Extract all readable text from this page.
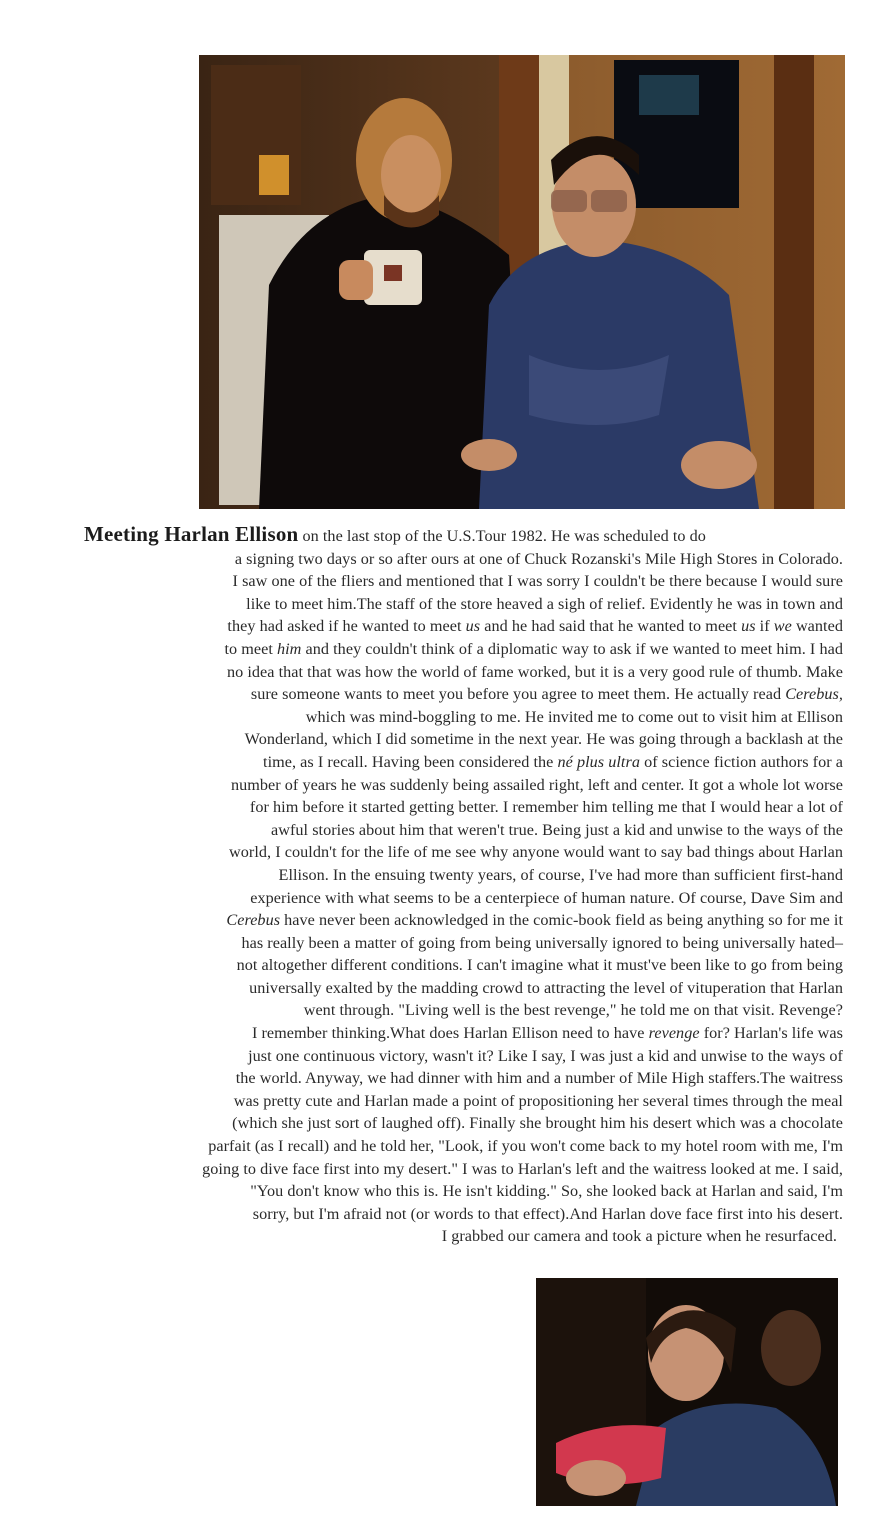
Meeting Harlan Ellison on the last stop of the U.S.Tour 1982. He was scheduled to do
a signing two days or so after ours at one of Chuck Rozanski's Mile High Stores in Colorado.
I saw one of the fliers and mentioned that I was sorry I couldn't be there because I would sure
like to meet him.The staff of the store heaved a sigh of relief. Evidently he was in town and
they had asked if he wanted to meet us and he had said that he wanted to meet us if we wanted
to meet him and they couldn't think of a diplomatic way to ask if we wanted to meet him. I had
no idea that that was how the world of fame worked, but it is a very good rule of thumb. Make
sure someone wants to meet you before you agree to meet them. He actually read Cerebus,
which was mind-boggling to me. He invited me to come out to visit him at Ellison
Wonderland, which I did sometime in the next year. He was going through a backlash at the
time, as I recall. Having been considered the né plus ultra of science fiction authors for a
number of years he was suddenly being assailed right, left and center. It got a whole lot worse
for him before it started getting better. I remember him telling me that I would hear a lot of
awful stories about him that weren't true. Being just a kid and unwise to the ways of the
world, I couldn't for the life of me see why anyone would want to say bad things about Harlan
Ellison. In the ensuing twenty years, of course, I've had more than sufficient first-hand
experience with what seems to be a centerpiece of human nature. Of course, Dave Sim and
Cerebus have never been acknowledged in the comic-book field as being anything so for me it
has really been a matter of going from being universally ignored to being universally hated–
not altogether different conditions. I can't imagine what it must've been like to go from being
universally exalted by the madding crowd to attracting the level of vituperation that Harlan
went through. "Living well is the best revenge," he told me on that visit. Revenge?
I remember thinking.What does Harlan Ellison need to have revenge for? Harlan's life was
just one continuous victory, wasn't it? Like I say, I was just a kid and unwise to the ways of
the world. Anyway, we had dinner with him and a number of Mile High staffers.The waitress
was pretty cute and Harlan made a point of propositioning her several times through the meal
(which she just sort of laughed off). Finally she brought him his desert which was a chocolate
parfait (as I recall) and he told her, "Look, if you won't come back to my hotel room with me, I'm
going to dive face first into my desert." I was to Harlan's left and the waitress looked at me. I said,
"You don't know who this is. He isn't kidding." So, she looked back at Harlan and said, I'm
sorry, but I'm afraid not (or words to that effect).And Harlan dove face first into his desert.
I grabbed our camera and took a picture when he resurfaced.
